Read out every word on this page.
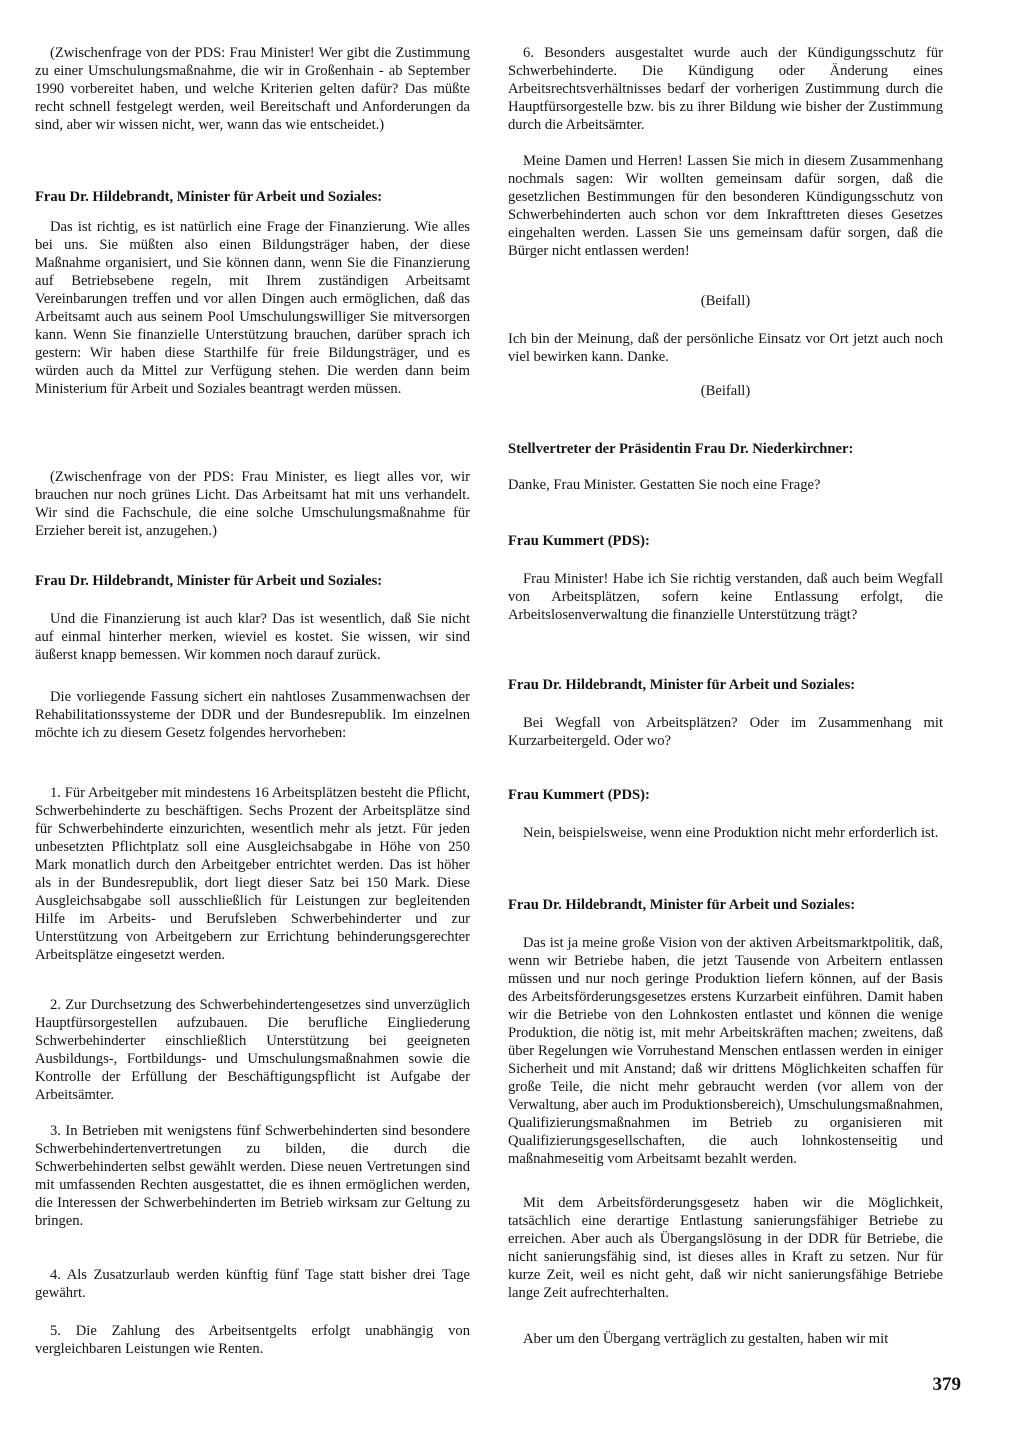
(Zwischenfrage von der PDS: Frau Minister! Wer gibt die Zustimmung zu einer Umschulungsmaßnahme, die wir in Großenhain - ab September 1990 vorbereitet haben, und welche Kriterien gelten dafür? Das müßte recht schnell festgelegt werden, weil Bereitschaft und Anforderungen da sind, aber wir wissen nicht, wer, wann das wie entscheidet.)

Frau Dr. Hildebrandt, Minister für Arbeit und Soziales:

Das ist richtig, es ist natürlich eine Frage der Finanzierung. Wie alles bei uns. Sie müßten also einen Bildungsträger haben, der diese Maßnahme organisiert, und Sie können dann, wenn Sie die Finanzierung auf Betriebsebene regeln, mit Ihrem zuständigen Arbeitsamt Vereinbarungen treffen und vor allen Dingen auch ermöglichen, daß das Arbeitsamt auch aus seinem Pool Umschulungswilliger Sie mitversorgen kann. Wenn Sie finanzielle Unterstützung brauchen, darüber sprach ich gestern: Wir haben diese Starthilfe für freie Bildungsträger, und es würden auch da Mittel zur Verfügung stehen. Die werden dann beim Ministerium für Arbeit und Soziales beantragt werden müssen.

(Zwischenfrage von der PDS: Frau Minister, es liegt alles vor, wir brauchen nur noch grünes Licht. Das Arbeitsamt hat mit uns verhandelt. Wir sind die Fachschule, die eine solche Umschulungsmaßnahme für Erzieher bereit ist, anzugehen.)

Frau Dr. Hildebrandt, Minister für Arbeit und Soziales:

Und die Finanzierung ist auch klar? Das ist wesentlich, daß Sie nicht auf einmal hinterher merken, wieviel es kostet. Sie wissen, wir sind äußerst knapp bemessen. Wir kommen noch darauf zurück.

Die vorliegende Fassung sichert ein nahtloses Zusammenwachsen der Rehabilitationssysteme der DDR und der Bundesrepublik. Im einzelnen möchte ich zu diesem Gesetz folgendes hervorheben:

1. Für Arbeitgeber mit mindestens 16 Arbeitsplätzen besteht die Pflicht, Schwerbehinderte zu beschäftigen. Sechs Prozent der Arbeitsplätze sind für Schwerbehinderte einzurichten, wesentlich mehr als jetzt. Für jeden unbesetzten Pflichtplatz soll eine Ausgleichsabgabe in Höhe von 250 Mark monatlich durch den Arbeitgeber entrichtet werden. Das ist höher als in der Bundesrepublik, dort liegt dieser Satz bei 150 Mark. Diese Ausgleichsabgabe soll ausschließlich für Leistungen zur begleitenden Hilfe im Arbeits- und Berufsleben Schwerbehinderter und zur Unterstützung von Arbeitgebern zur Errichtung behinderungsgerechter Arbeitsplätze eingesetzt werden.

2. Zur Durchsetzung des Schwerbehindertengesetzes sind unverzüglich Hauptfürsorgestellen aufzubauen. Die berufliche Eingliederung Schwerbehinderter einschließlich Unterstützung bei geeigneten Ausbildungs-, Fortbildungs- und Umschulungsmaßnahmen sowie die Kontrolle der Erfüllung der Beschäftigungspflicht ist Aufgabe der Arbeitsämter.

3. In Betrieben mit wenigstens fünf Schwerbehinderten sind besondere Schwerbehindertenvertretungen zu bilden, die durch die Schwerbehinderten selbst gewählt werden. Diese neuen Vertretungen sind mit umfassenden Rechten ausgestattet, die es ihnen ermöglichen werden, die Interessen der Schwerbehinderten im Betrieb wirksam zur Geltung zu bringen.

4. Als Zusatzurlaub werden künftig fünf Tage statt bisher drei Tage gewährt.

5. Die Zahlung des Arbeitsentgelts erfolgt unabhängig von vergleichbaren Leistungen wie Renten.

6. Besonders ausgestaltet wurde auch der Kündigungsschutz für Schwerbehinderte. Die Kündigung oder Änderung eines Arbeitsrechtsverhältnisses bedarf der vorherigen Zustimmung durch die Hauptfürsorgestelle bzw. bis zu ihrer Bildung wie bisher der Zustimmung durch die Arbeitsämter.

Meine Damen und Herren! Lassen Sie mich in diesem Zusammenhang nochmals sagen: Wir wollten gemeinsam dafür sorgen, daß die gesetzlichen Bestimmungen für den besonderen Kündigungsschutz von Schwerbehinderten auch schon vor dem Inkrafttreten dieses Gesetzes eingehalten werden. Lassen Sie uns gemeinsam dafür sorgen, daß die Bürger nicht entlassen werden!

(Beifall)

Ich bin der Meinung, daß der persönliche Einsatz vor Ort jetzt auch noch viel bewirken kann. Danke.

(Beifall)

Stellvertreter der Präsidentin Frau Dr. Niederkirchner:

Danke, Frau Minister. Gestatten Sie noch eine Frage?

Frau Kummert (PDS):

Frau Minister! Habe ich Sie richtig verstanden, daß auch beim Wegfall von Arbeitsplätzen, sofern keine Entlassung erfolgt, die Arbeitslosenverwaltung die finanzielle Unterstützung trägt?

Frau Dr. Hildebrandt, Minister für Arbeit und Soziales:

Bei Wegfall von Arbeitsplätzen? Oder im Zusammenhang mit Kurzarbeitergeld. Oder wo?

Frau Kummert (PDS):

Nein, beispielsweise, wenn eine Produktion nicht mehr erforderlich ist.

Frau Dr. Hildebrandt, Minister für Arbeit und Soziales:

Das ist ja meine große Vision von der aktiven Arbeitsmarktpolitik, daß, wenn wir Betriebe haben, die jetzt Tausende von Arbeitern entlassen müssen und nur noch geringe Produktion liefern können, auf der Basis des Arbeitsförderungsgesetzes erstens Kurzarbeit einführen. Damit haben wir die Betriebe von den Lohnkosten entlastet und können die wenige Produktion, die nötig ist, mit mehr Arbeitskräften machen; zweitens, daß über Regelungen wie Vorruhestand Menschen entlassen werden in einiger Sicherheit und mit Anstand; daß wir drittens Möglichkeiten schaffen für große Teile, die nicht mehr gebraucht werden (vor allem von der Verwaltung, aber auch im Produktionsbereich), Umschulungsmaßnahmen, Qualifizierungsmaßnahmen im Betrieb zu organisieren mit Qualifizierungsgesellschaften, die auch lohnkostenseitig und maßnahmeseitig vom Arbeitsamt bezahlt werden.

Mit dem Arbeitsförderungsgesetz haben wir die Möglichkeit, tatsächlich eine derartige Entlastung sanierungsfähiger Betriebe zu erreichen. Aber auch als Übergangslösung in der DDR für Betriebe, die nicht sanierungsfähig sind, ist dieses alles in Kraft zu setzen. Nur für kurze Zeit, weil es nicht geht, daß wir nicht sanierungsfähige Betriebe lange Zeit aufrechterhalten.

Aber um den Übergang verträglich zu gestalten, haben wir mit

379
